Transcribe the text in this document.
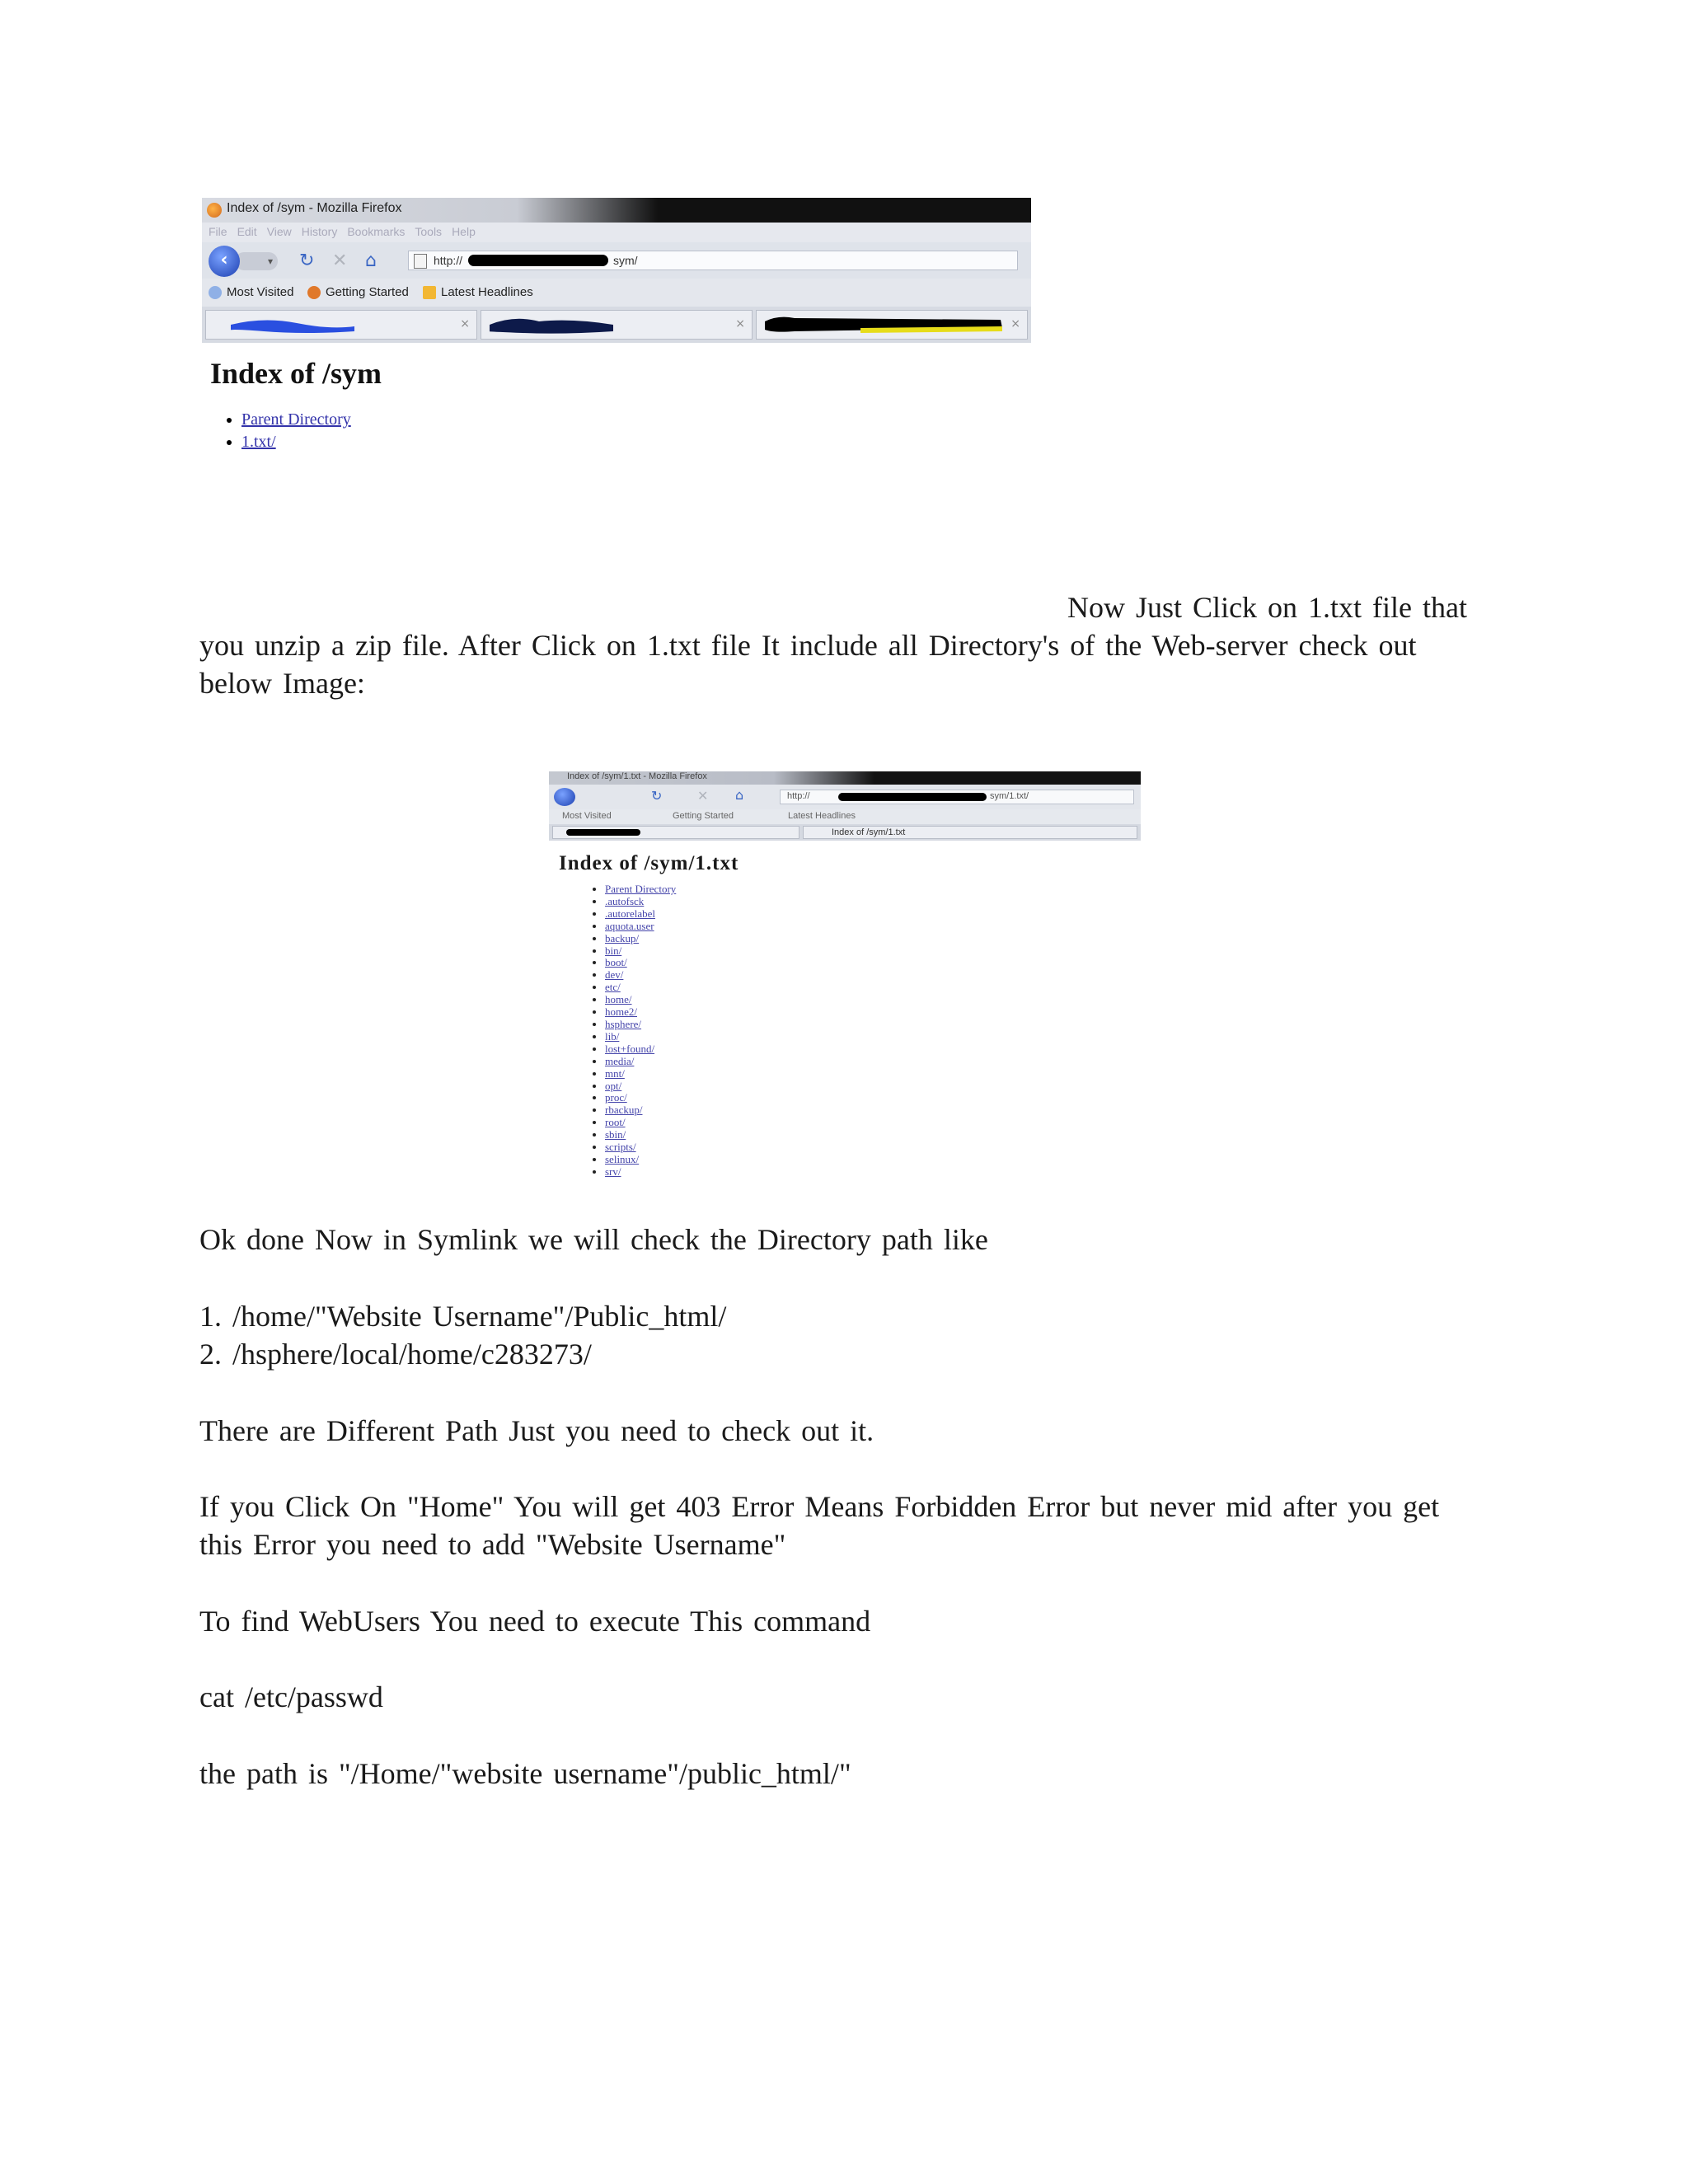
Index of /sym - Mozilla Firefox
File Edit View History Bookmarks Tools Help
▾
‹	↻ ✕ ⌂	http://	sym/
Most Visited	Getting Started	Latest Headlines
×	×	×
Index of /sym
• Parent Directory
• 1.txt/

Now Just Click on 1.txt file that
you unzip a zip file. After Click on 1.txt file It include all Directory's of the Web-server check out below Image:

Index of /sym/1.txt - Mozilla Firefox
↻	✕ ⌂	http://	sym/1.txt/
Most Visited	Getting Started	Latest Headlines
Index of /sym/1.txt
Index of /sym/1.txt
• Parent Directory
• .autofsck
• .autorelabel
• aquota.user
• backup/
• bin/
• boot/
• dev/
• etc/
• home/
• home2/
• hsphere/
• lib/
• lost+found/
• media/
• mnt/
• opt/
• proc/
• rbackup/
• root/
• sbin/
• scripts/
• selinux/
• srv/

Ok done Now in Symlink we will check the Directory path like

1. /home/"Website Username"/Public_html/

2. /hsphere/local/home/c283273/

There are Different Path Just you need to check out it.

If you Click On "Home" You will get 403 Error Means Forbidden Error but never mid after you get this Error you need to add "Website Username"

To find WebUsers You need to execute This command

cat /etc/passwd

the path is "/Home/"website username"/public_html/"
